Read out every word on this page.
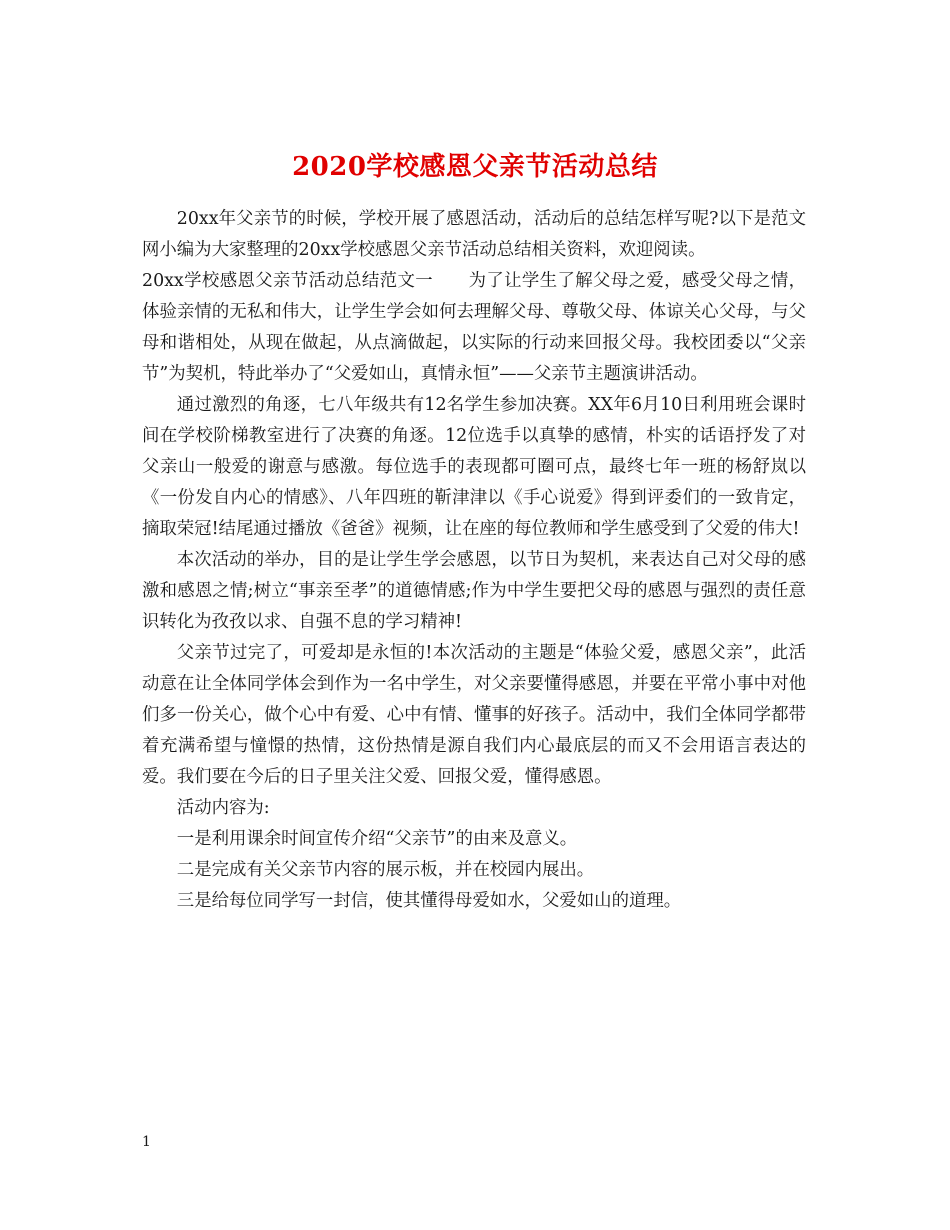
2020学校感恩父亲节活动总结

20xx年父亲节的时候，学校开展了感恩活动，活动后的总结怎样写呢?以下是范文网小编为大家整理的20xx学校感恩父亲节活动总结相关资料，欢迎阅读。

20xx学校感恩父亲节活动总结范文一　　为了让学生了解父母之爱，感受父母之情，体验亲情的无私和伟大，让学生学会如何去理解父母、尊敬父母、体谅关心父母，与父母和谐相处，从现在做起，从点滴做起，以实际的行动来回报父母。我校团委以“父亲节”为契机，特此举办了“父爱如山，真情永恒”——父亲节主题演讲活动。

通过激烈的角逐，七八年级共有12名学生参加决赛。XX年6月10日利用班会课时间在学校阶梯教室进行了决赛的角逐。12位选手以真挚的感情，朴实的话语抒发了对父亲山一般爱的谢意与感激。每位选手的表现都可圈可点，最终七年一班的杨舒岚以《一份发自内心的情感》、八年四班的靳津津以《手心说爱》得到评委们的一致肯定，摘取荣冠!结尾通过播放《爸爸》视频，让在座的每位教师和学生感受到了父爱的伟大!

本次活动的举办，目的是让学生学会感恩，以节日为契机，来表达自己对父母的感激和感恩之情;树立“事亲至孝”的道德情感;作为中学生要把父母的感恩与强烈的责任意识转化为孜孜以求、自强不息的学习精神!

父亲节过完了，可爱却是永恒的!本次活动的主题是“体验父爱，感恩父亲”，此活动意在让全体同学体会到作为一名中学生，对父亲要懂得感恩，并要在平常小事中对他们多一份关心，做个心中有爱、心中有情、懂事的好孩子。活动中，我们全体同学都带着充满希望与憧憬的热情，这份热情是源自我们内心最底层的而又不会用语言表达的爱。我们要在今后的日子里关注父爱、回报父爱，懂得感恩。

活动内容为:

一是利用课余时间宣传介绍“父亲节”的由来及意义。

二是完成有关父亲节内容的展示板，并在校园内展出。

三是给每位同学写一封信，使其懂得母爱如水，父爱如山的道理。

1
